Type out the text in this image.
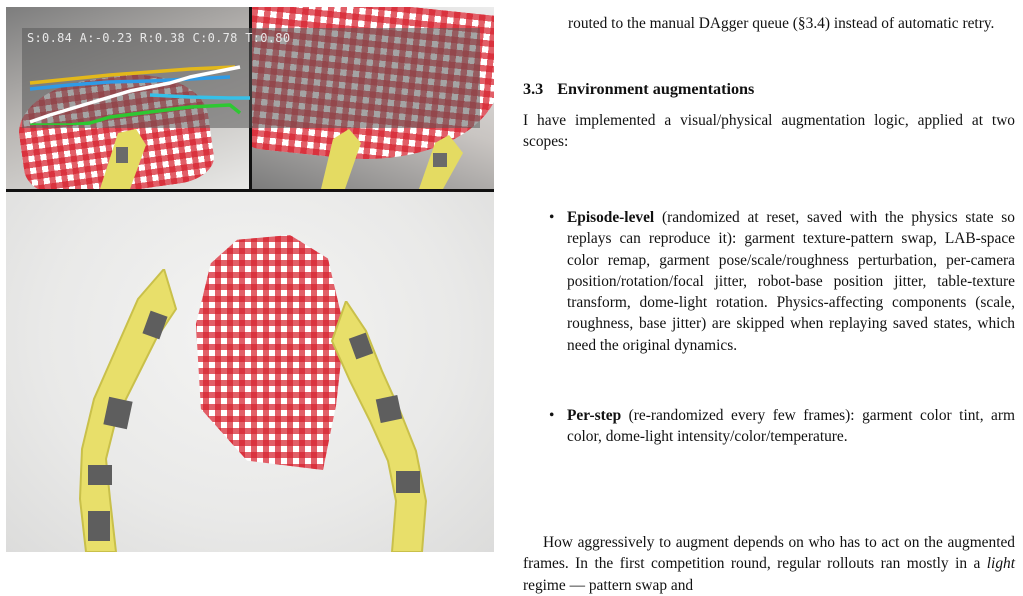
S:0.84 A:-0.23 R:0.38 C:0.78 T:0.80

routed to the manual DAgger queue (§3.4) instead of automatic retry.

3.3 Environment augmentations

I have implemented a visual/physical augmentation logic, applied at two scopes:

• Episode-level (randomized at reset, saved with the physics state so replays can reproduce it): garment texture-pattern swap, LAB-space color remap, garment pose/scale/roughness perturbation, per-camera position/rotation/focal jitter, robot-base position jitter, table-texture transform, dome-light rotation. Physics-affecting components (scale, roughness, base jitter) are skipped when replaying saved states, which need the original dynamics.

• Per-step (re-randomized every few frames): garment color tint, arm color, dome-light intensity/color/temperature.

How aggressively to augment depends on who has to act on the augmented frames. In the first competition round, regular rollouts ran mostly in a light regime — pattern swap and
